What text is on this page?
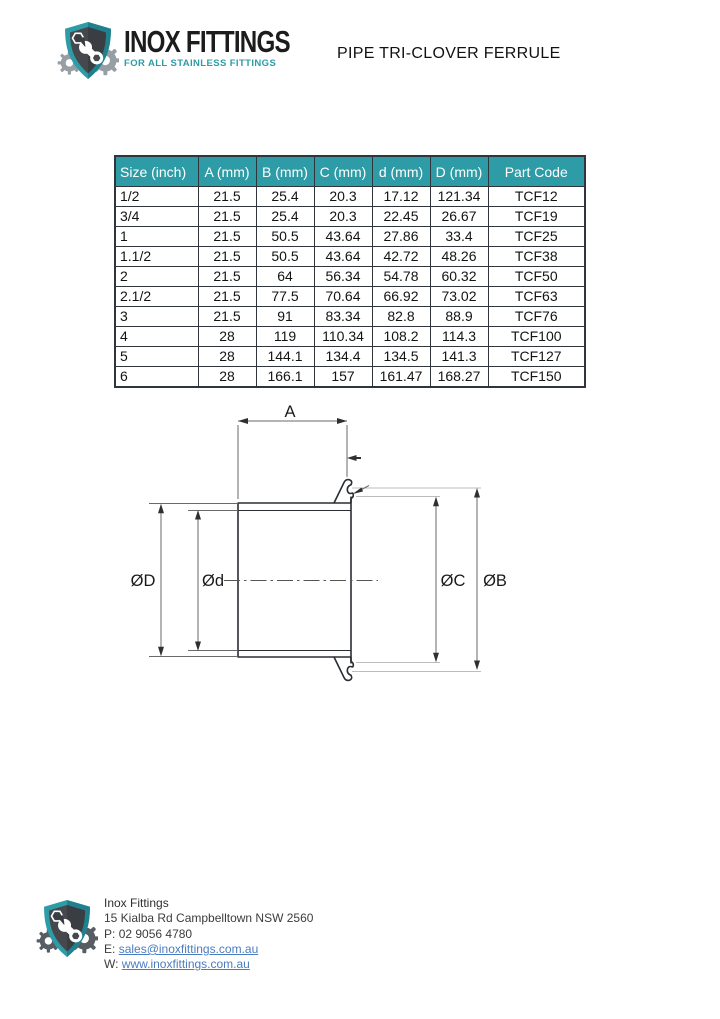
INOX FITTINGS
FOR ALL STAINLESS FITTINGS
PIPE TRI-CLOVER FERRULE
Size (inch)	A (mm)	B (mm)	C (mm)	d (mm)	D (mm)	Part Code
1/2	21.5	25.4	20.3	17.12	121.34	TCF12
3/4	21.5	25.4	20.3	22.45	26.67	TCF19
1	21.5	50.5	43.64	27.86	33.4	TCF25
1.1/2	21.5	50.5	43.64	42.72	48.26	TCF38
2	21.5	64	56.34	54.78	60.32	TCF50
2.1/2	21.5	77.5	70.64	66.92	73.02	TCF63
3	21.5	91	83.34	82.8	88.9	TCF76
4	28	119	110.34	108.2	114.3	TCF100
5	28	144.1	134.4	134.5	141.3	TCF127
6	28	166.1	157	161.47	168.27	TCF150
A
ØD	Ød	ØC ØB
Inox Fittings
15 Kialba Rd Campbelltown NSW 2560
P: 02 9056 4780
E: sales@inoxfittings.com.au
W: www.inoxfittings.com.au
